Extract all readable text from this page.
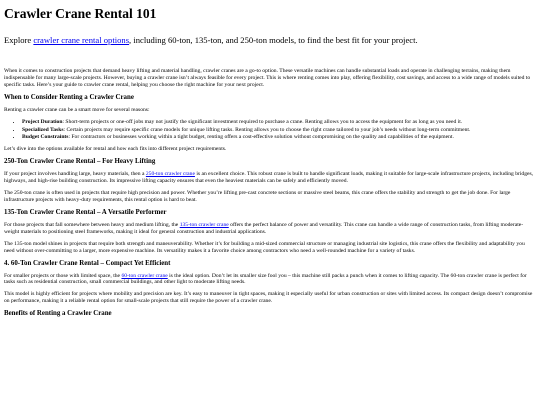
Crawler Crane Rental 101

Explore crawler crane rental options, including 60-ton, 135-ton, and 250-ton models, to find the best fit for your project.

When it comes to construction projects that demand heavy lifting and material handling, crawler cranes are a go-to option. These versatile machines can handle substantial loads and operate in challenging terrains, making them indispensable for many large-scale projects. However, buying a crawler crane isn’t always feasible for every project. This is where renting comes into play, offering flexibility, cost savings, and access to a wide range of models suited to specific tasks. Here’s your guide to crawler crane rental, helping you choose the right machine for your next project.

When to Consider Renting a Crawler Crane

Renting a crawler crane can be a smart move for several reasons:

• Project Duration: Short-term projects or one-off jobs may not justify the significant investment required to purchase a crane. Renting allows you to access the equipment for as long as you need it.
• Specialized Tasks: Certain projects may require specific crane models for unique lifting tasks. Renting allows you to choose the right crane tailored to your job’s needs without long-term commitment.
• Budget Constraints: For contractors or businesses working within a tight budget, renting offers a cost-effective solution without compromising on the quality and capabilities of the equipment.

Let’s dive into the options available for rental and how each fits into different project requirements.

250-Ton Crawler Crane Rental – For Heavy Lifting

If your project involves handling large, heavy materials, then a 250-ton crawler crane is an excellent choice. This robust crane is built to handle significant loads, making it suitable for large-scale infrastructure projects, including bridges, highways, and high-rise building construction. Its impressive lifting capacity ensures that even the heaviest materials can be safely and efficiently moved.

The 250-ton crane is often used in projects that require high precision and power. Whether you’re lifting pre-cast concrete sections or massive steel beams, this crane offers the stability and strength to get the job done. For large infrastructure projects with heavy-duty requirements, this rental option is hard to beat.

135-Ton Crawler Crane Rental – A Versatile Performer

For those projects that fall somewhere between heavy and medium lifting, the 135-ton crawler crane offers the perfect balance of power and versatility. This crane can handle a wide range of construction tasks, from lifting moderate-weight materials to positioning steel frameworks, making it ideal for general construction and industrial applications.

The 135-ton model shines in projects that require both strength and maneuverability. Whether it’s for building a mid-sized commercial structure or managing industrial site logistics, this crane offers the flexibility and adaptability you need without over-committing to a larger, more expensive machine. Its versatility makes it a favorite choice among contractors who need a well-rounded machine for a variety of tasks.

4. 60-Ton Crawler Crane Rental – Compact Yet Efficient

For smaller projects or those with limited space, the 60-ton crawler crane is the ideal option. Don’t let its smaller size fool you – this machine still packs a punch when it comes to lifting capacity. The 60-ton crawler crane is perfect for tasks such as residential construction, small commercial buildings, and other light to moderate lifting needs.

This model is highly efficient for projects where mobility and precision are key. It’s easy to maneuver in tight spaces, making it especially useful for urban construction or sites with limited access. Its compact design doesn’t compromise on performance, making it a reliable rental option for small-scale projects that still require the power of a crawler crane.

Benefits of Renting a Crawler Crane
